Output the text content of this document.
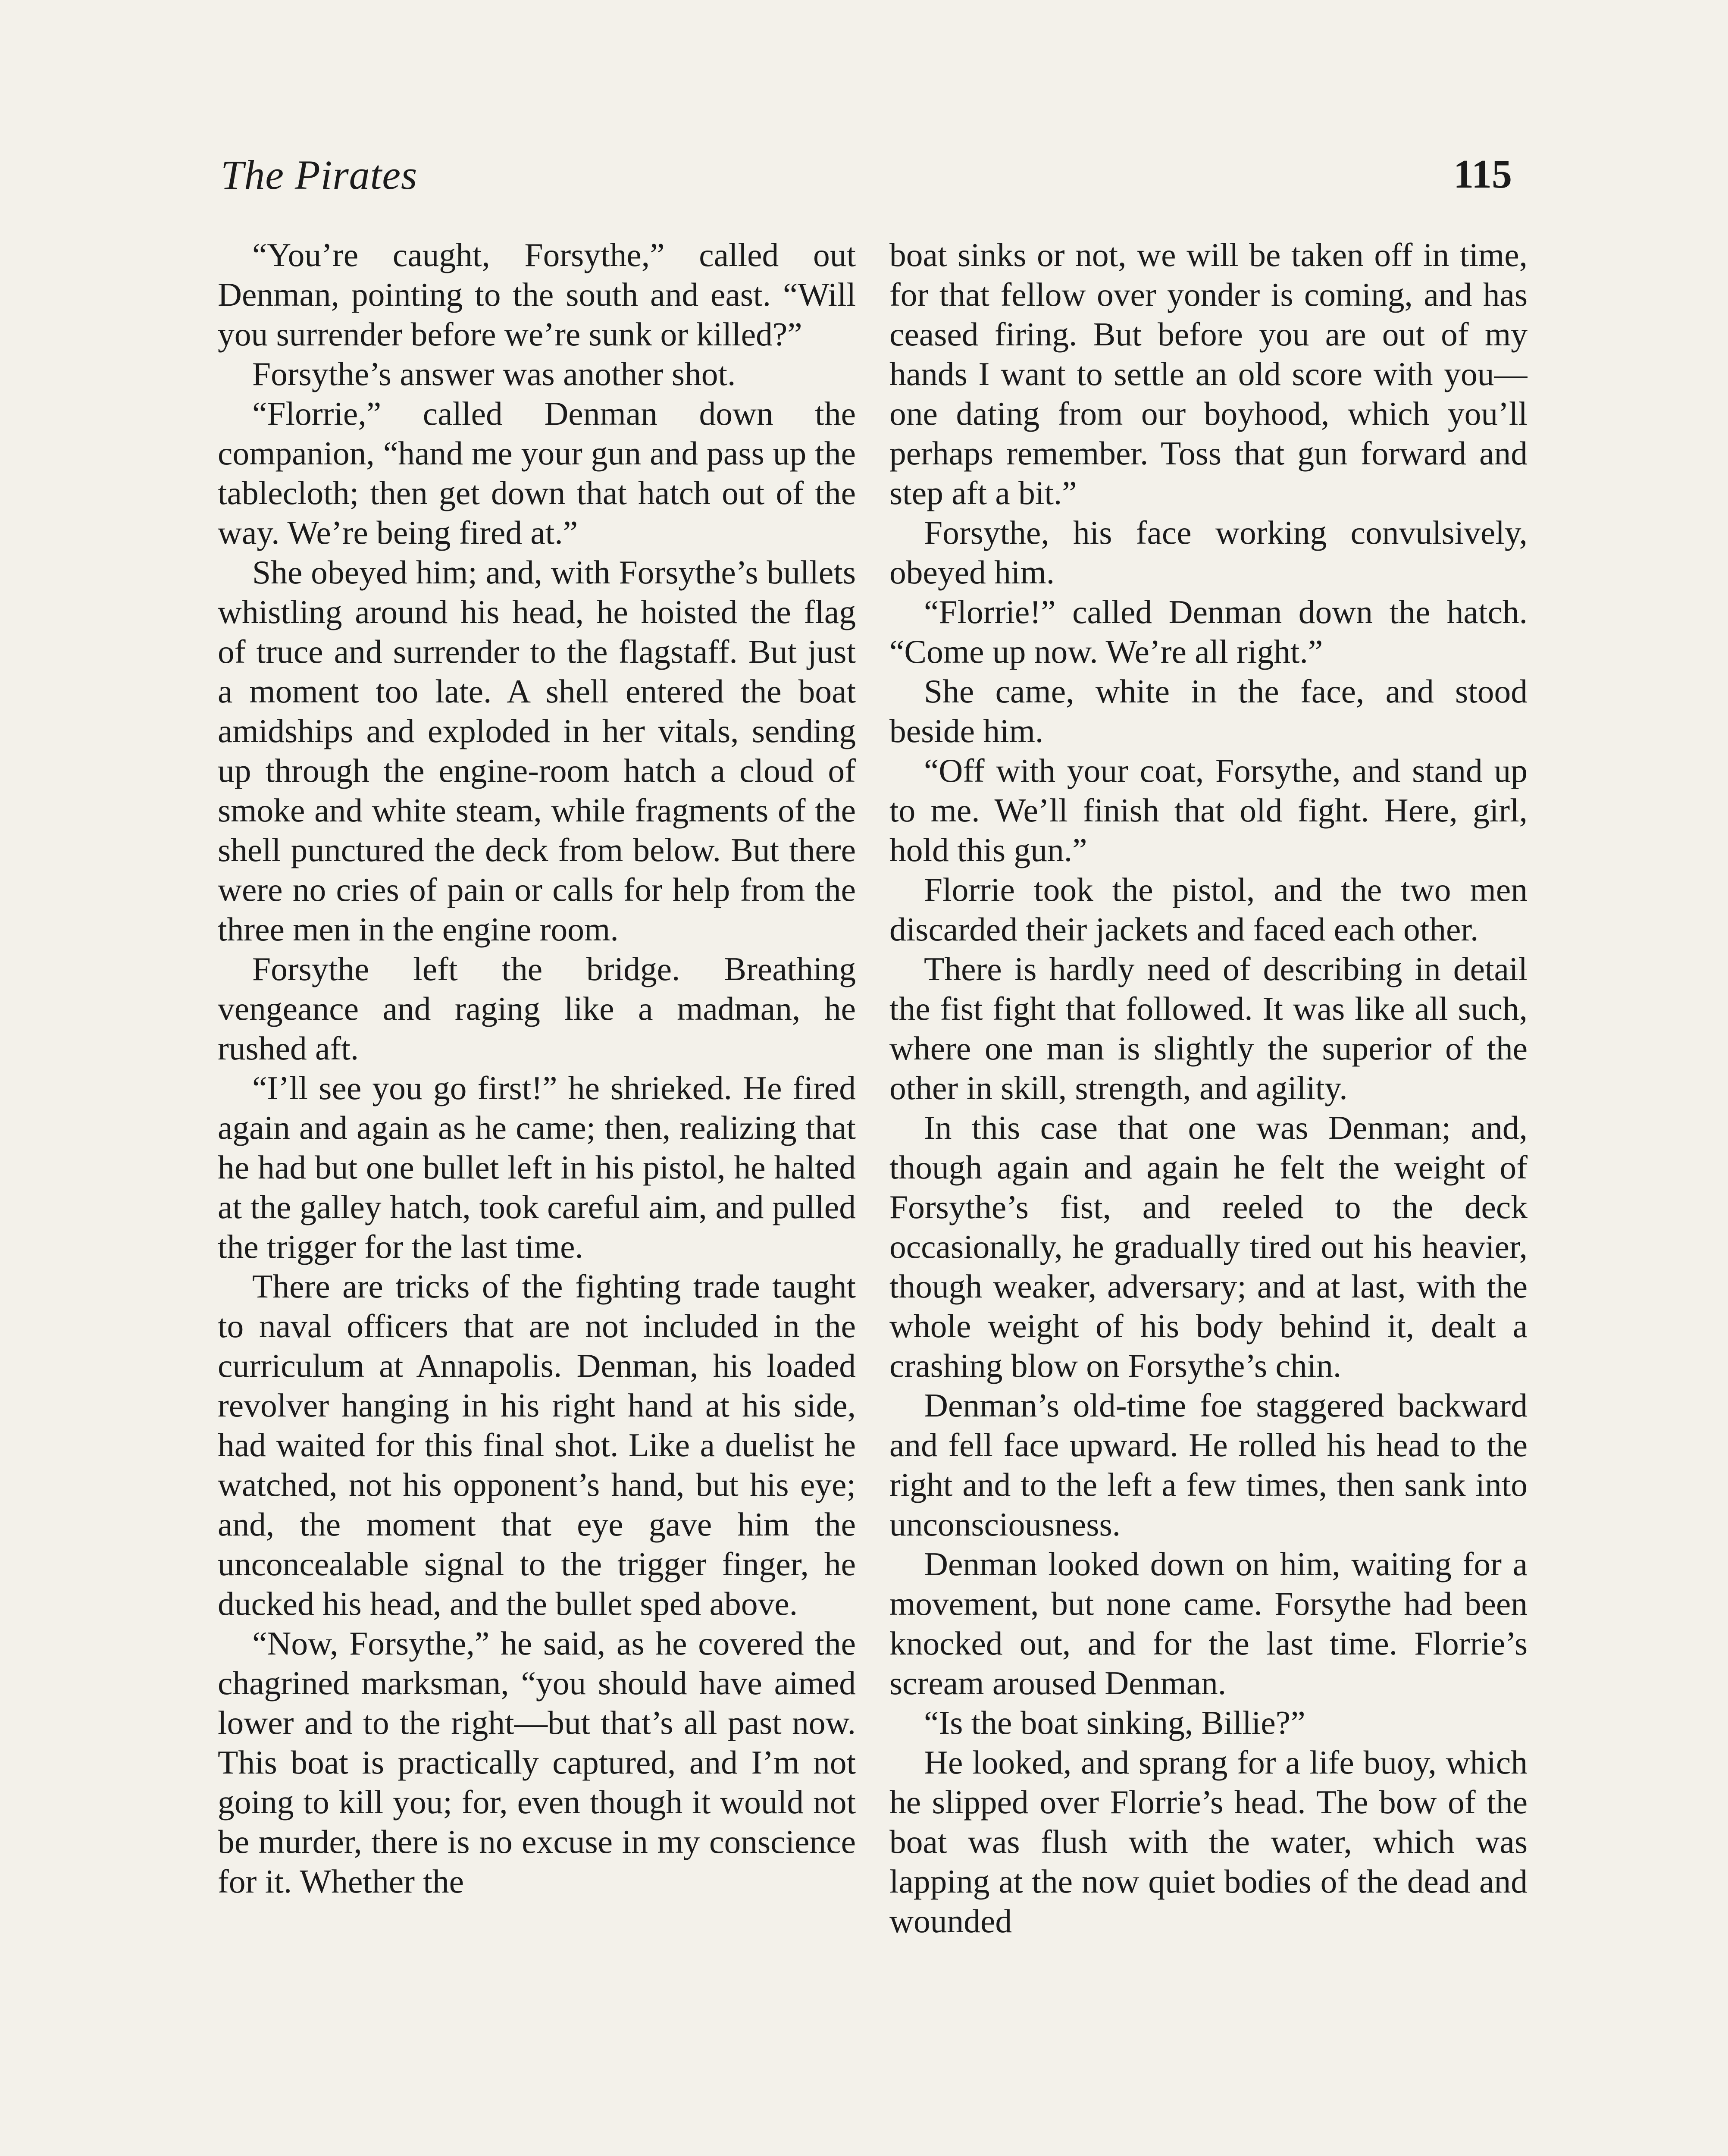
The Pirates	115

“You’re caught, Forsythe,” called out Denman, pointing to the south and east. “Will you surrender before we’re sunk or killed?”

Forsythe’s answer was another shot.

“Florrie,” called Denman down the companion, “hand me your gun and pass up the tablecloth; then get down that hatch out of the way. We’re being fired at.”

She obeyed him; and, with Forsythe’s bullets whistling around his head, he hoisted the flag of truce and surrender to the flagstaff. But just a moment too late. A shell entered the boat amidships and exploded in her vitals, sending up through the engine-room hatch a cloud of smoke and white steam, while fragments of the shell punctured the deck from below. But there were no cries of pain or calls for help from the three men in the engine room.

Forsythe left the bridge. Breathing vengeance and raging like a madman, he rushed aft.

“I’ll see you go first!” he shrieked. He fired again and again as he came; then, realizing that he had but one bullet left in his pistol, he halted at the galley hatch, took careful aim, and pulled the trigger for the last time.

There are tricks of the fighting trade taught to naval officers that are not included in the curriculum at Annapolis. Denman, his loaded revolver hanging in his right hand at his side, had waited for this final shot. Like a duelist he watched, not his opponent’s hand, but his eye; and, the moment that eye gave him the unconcealable signal to the trigger finger, he ducked his head, and the bullet sped above.

“Now, Forsythe,” he said, as he covered the chagrined marksman, “you should have aimed lower and to the right—but that’s all past now. This boat is practically captured, and I’m not going to kill you; for, even though it would not be murder, there is no excuse in my conscience for it. Whether the

boat sinks or not, we will be taken off in time, for that fellow over yonder is coming, and has ceased firing. But before you are out of my hands I want to settle an old score with you—one dating from our boyhood, which you’ll perhaps remember. Toss that gun forward and step aft a bit.”

Forsythe, his face working convulsively, obeyed him.

“Florrie!” called Denman down the hatch. “Come up now. We’re all right.”

She came, white in the face, and stood beside him.

“Off with your coat, Forsythe, and stand up to me. We’ll finish that old fight. Here, girl, hold this gun.”

Florrie took the pistol, and the two men discarded their jackets and faced each other.

There is hardly need of describing in detail the fist fight that followed. It was like all such, where one man is slightly the superior of the other in skill, strength, and agility.

In this case that one was Denman; and, though again and again he felt the weight of Forsythe’s fist, and reeled to the deck occasionally, he gradually tired out his heavier, though weaker, adversary; and at last, with the whole weight of his body behind it, dealt a crashing blow on Forsythe’s chin.

Denman’s old-time foe staggered backward and fell face upward. He rolled his head to the right and to the left a few times, then sank into unconsciousness.

Denman looked down on him, waiting for a movement, but none came. Forsythe had been knocked out, and for the last time. Florrie’s scream aroused Denman.

“Is the boat sinking, Billie?”

He looked, and sprang for a life buoy, which he slipped over Florrie’s head. The bow of the boat was flush with the water, which was lapping at the now quiet bodies of the dead and wounded
